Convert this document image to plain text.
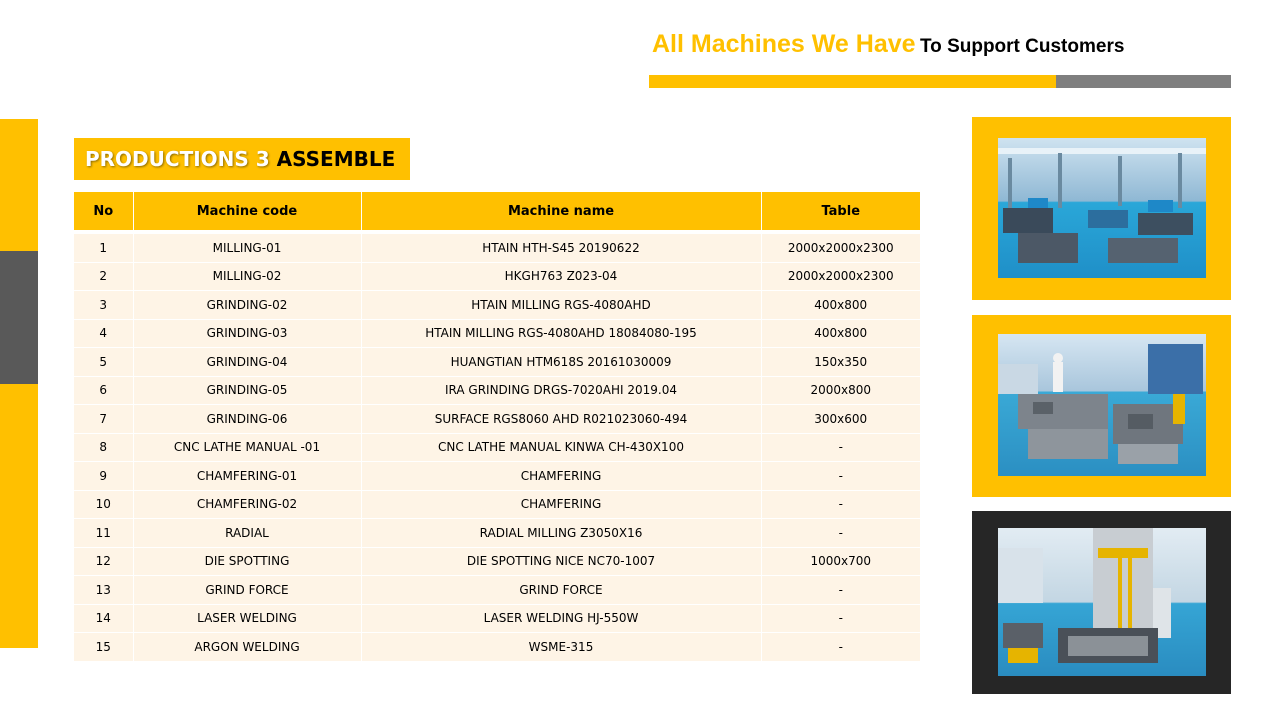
All Machines We Have To Support Customers
PRODUCTIONS 3 ASSEMBLE
No	Machine code	Machine name	Table
1	MILLING-01	HTAIN HTH-S45 20190622	2000x2000x2300
2	MILLING-02	HKGH763 Z023-04	2000x2000x2300
3	GRINDING-02	HTAIN MILLING RGS-4080AHD	400x800
4	GRINDING-03	HTAIN MILLING RGS-4080AHD 18084080-195	400x800
5	GRINDING-04	HUANGTIAN HTM618S 20161030009	150x350
6	GRINDING-05	IRA GRINDING DRGS-7020AHI 2019.04	2000x800
7	GRINDING-06	SURFACE RGS8060 AHD R021023060-494	300x600
8	CNC LATHE MANUAL -01	CNC LATHE MANUAL KINWA CH-430X100	-
9	CHAMFERING-01	CHAMFERING	-
10	CHAMFERING-02	CHAMFERING	-
11	RADIAL	RADIAL MILLING Z3050X16	-
12	DIE SPOTTING	DIE SPOTTING NICE NC70-1007	1000x700
13	GRIND FORCE	GRIND FORCE	-
14	LASER WELDING	LASER WELDING HJ-550W	-
15	ARGON WELDING	WSME-315	-
